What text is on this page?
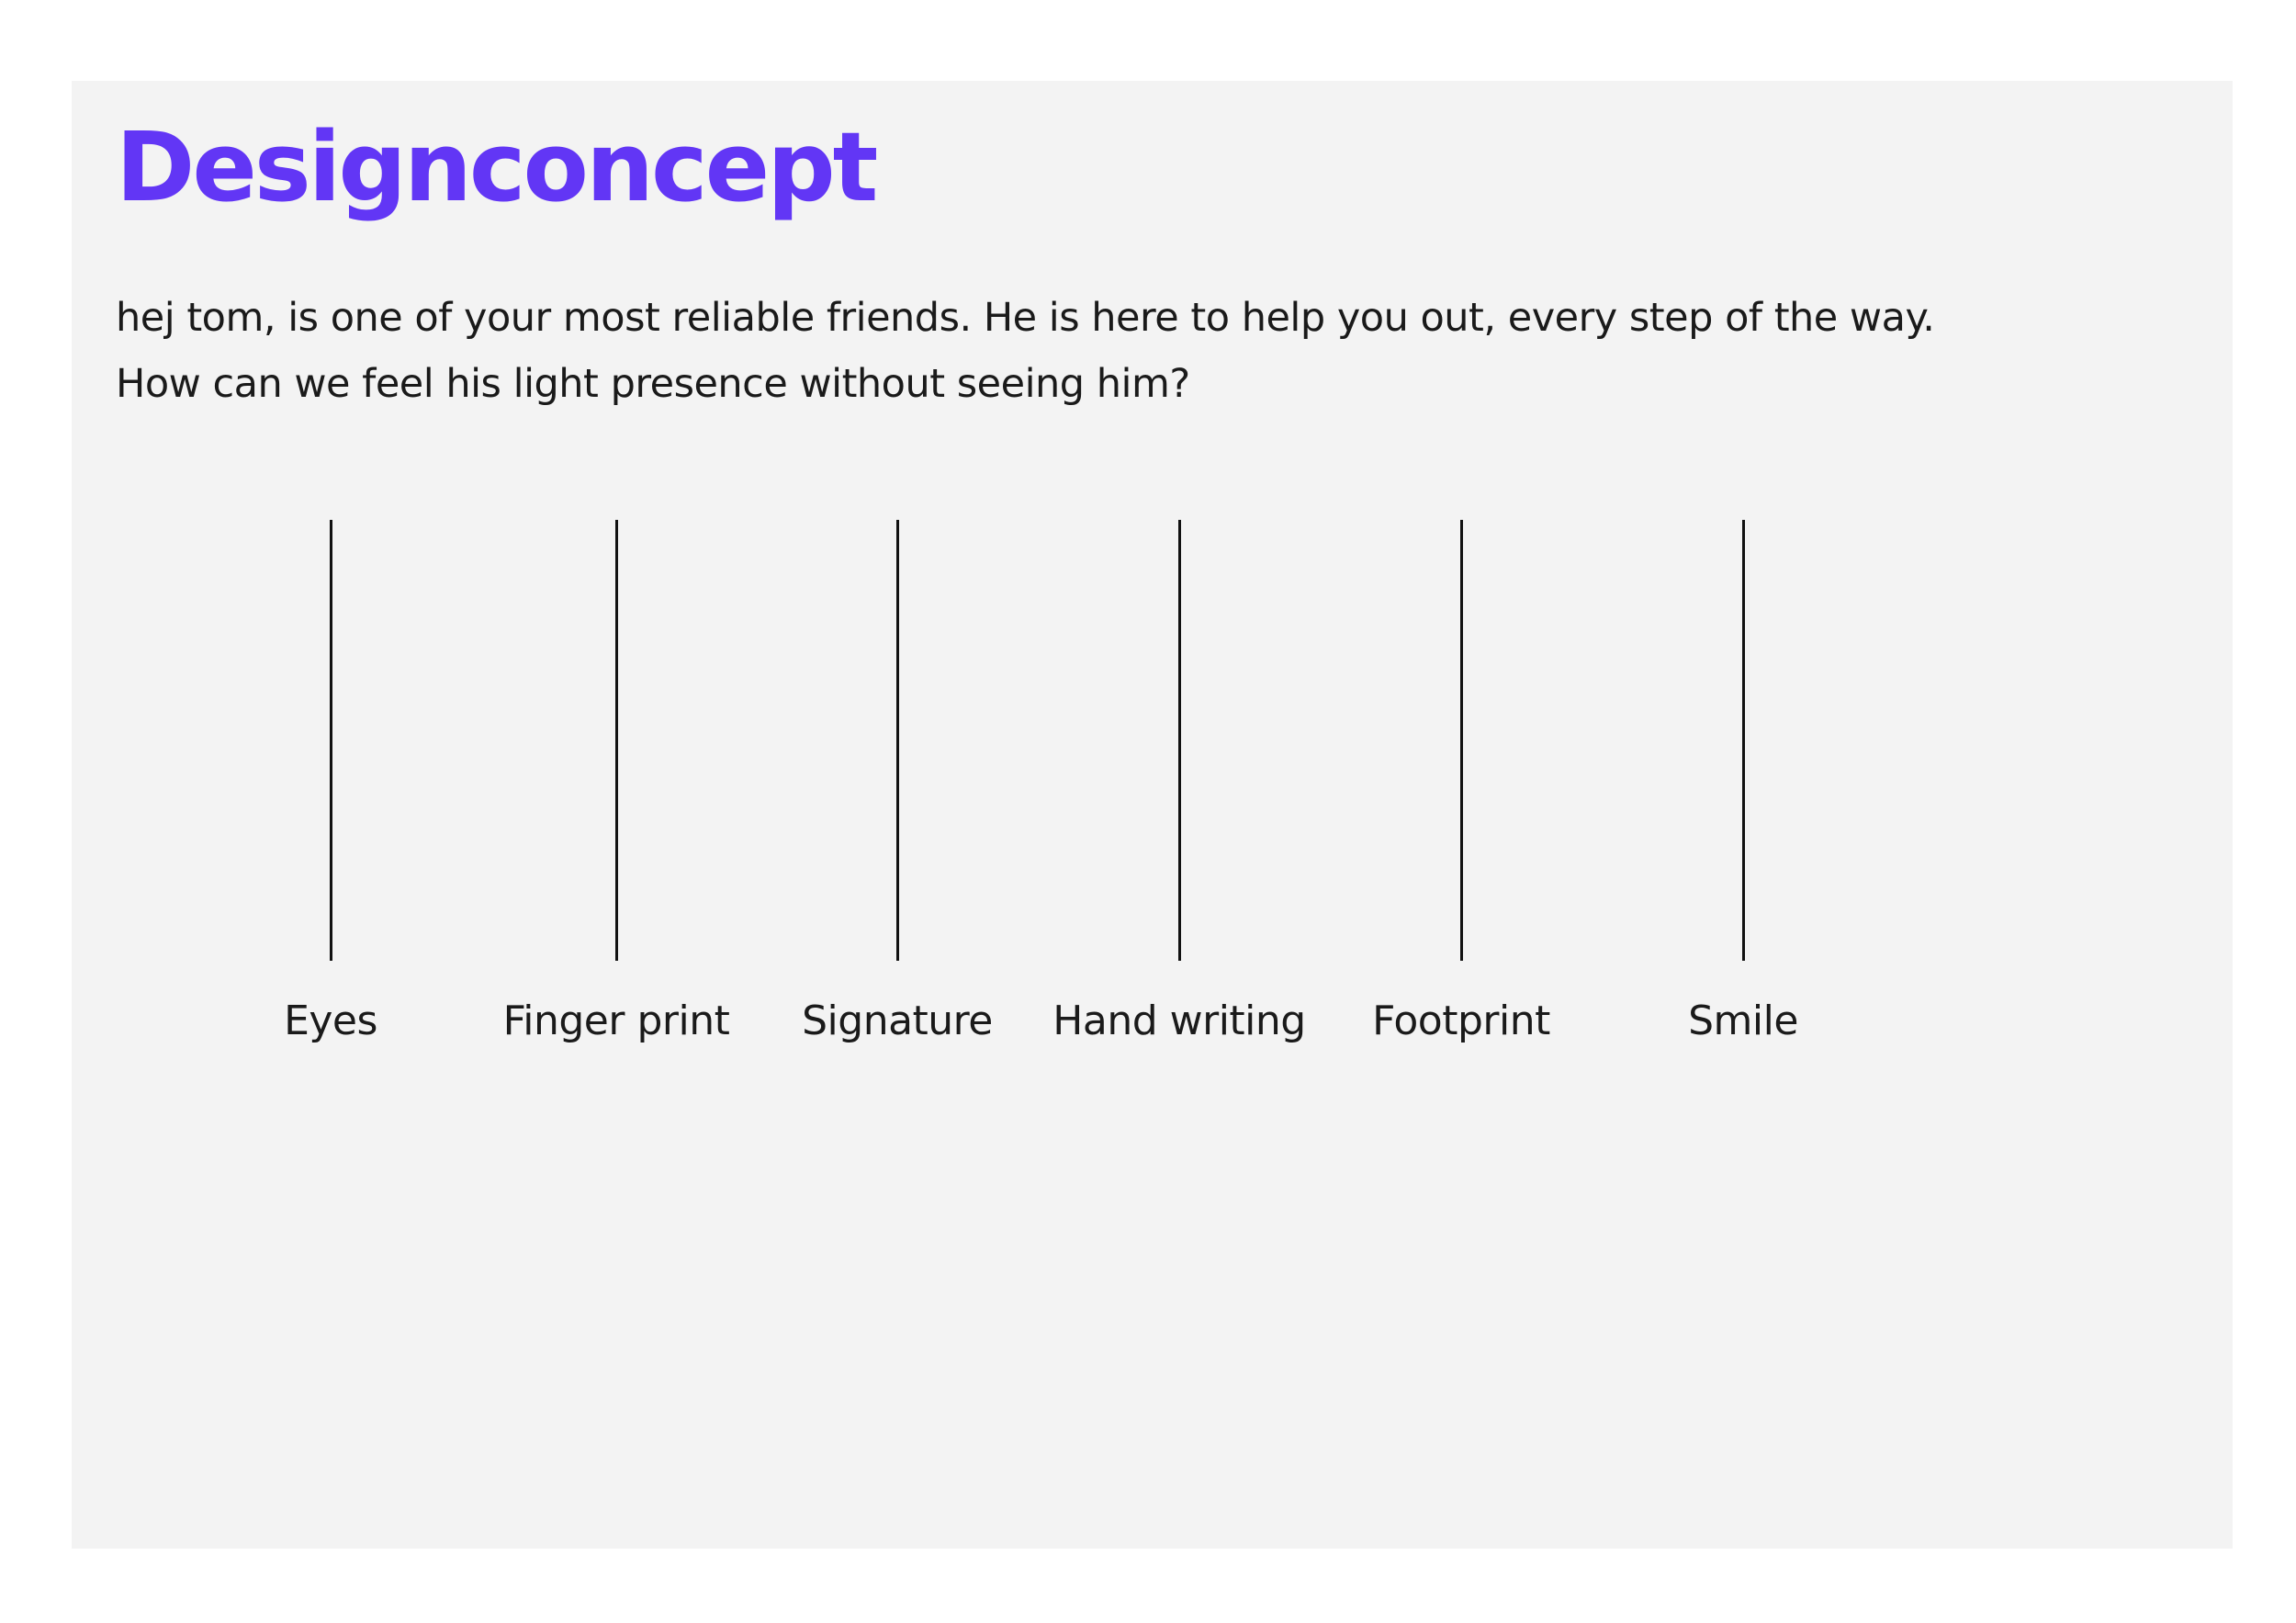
Designconcept

hej tom, is one of your most reliable friends. He is here to help you out, every step of the way.
How can we feel his light presence without seeing him?

Eyes	Finger print	Signature	Hand writing	Footprint	Smile
